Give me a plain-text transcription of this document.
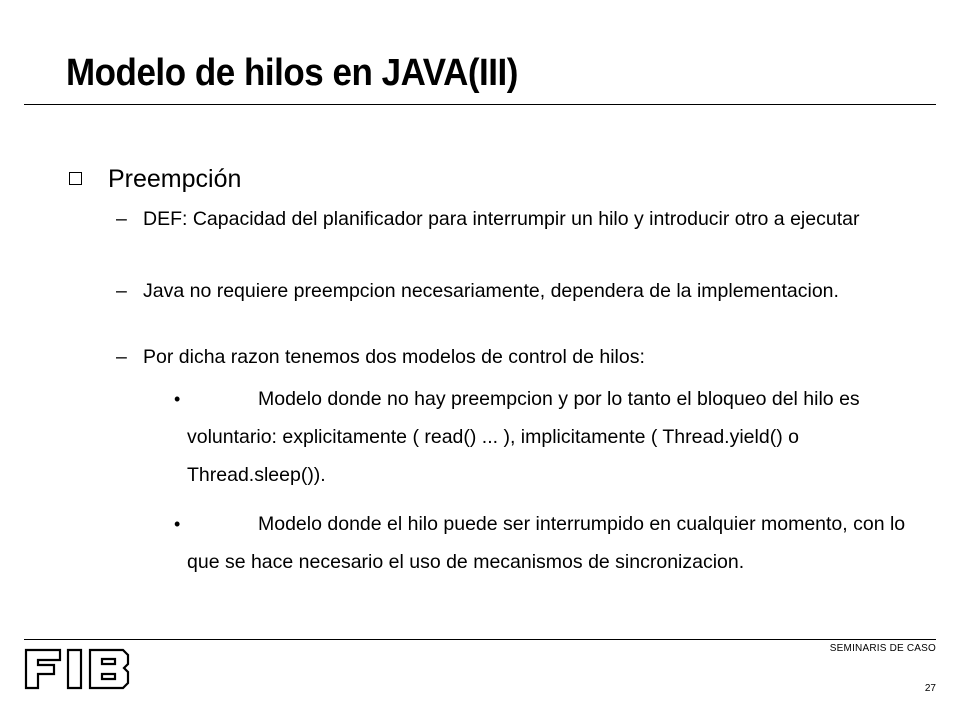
Modelo de hilos en JAVA(III)
Preempción
– DEF: Capacidad del planificador para interrumpir un hilo y introducir otro a ejecutar
– Java no requiere preempcion necesariamente, dependera de la implementacion.
– Por dicha razon tenemos dos modelos de control de hilos:
•	Modelo donde no hay preempcion y por lo tanto el bloqueo del hilo es voluntario: explicitamente ( read() ... ), implicitamente ( Thread.yield() o Thread.sleep()).
•	Modelo donde el hilo puede ser interrumpido en cualquier momento, con lo que se hace necesario el uso de mecanismos de sincronizacion.
SEMINARIS DE CASO
27
